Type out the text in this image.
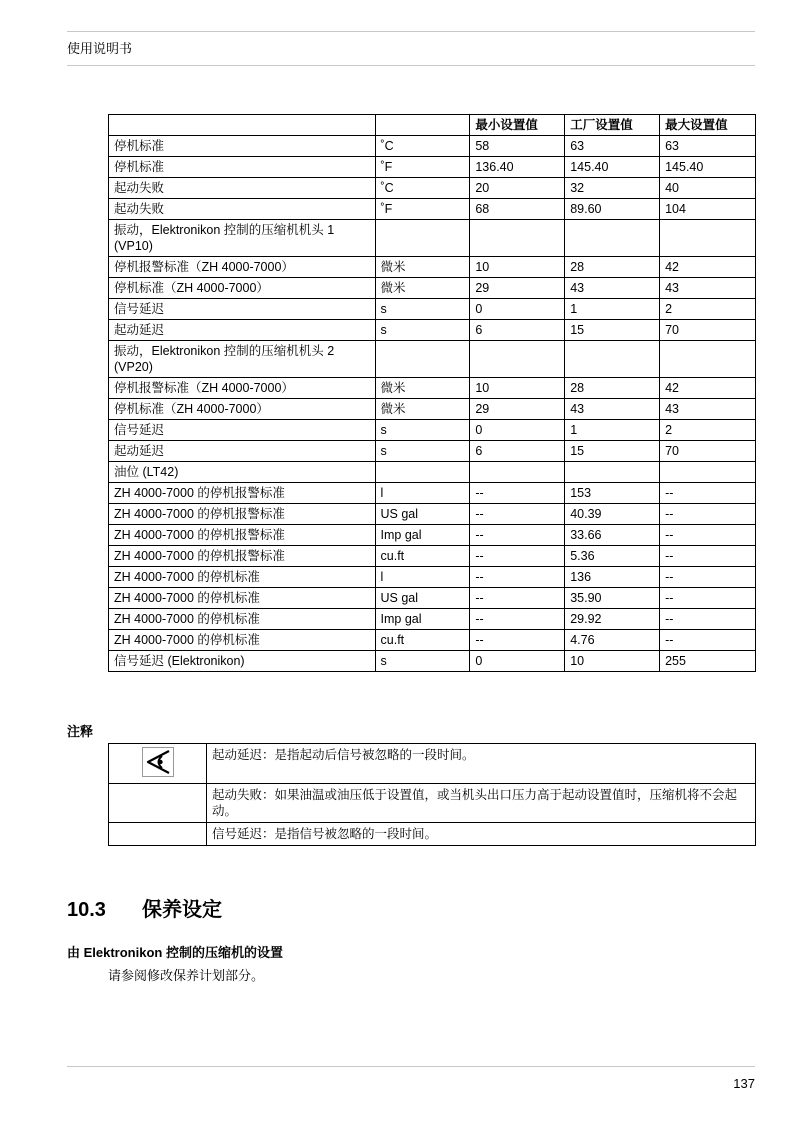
使用说明书
		最小设置值	工厂设置值	最大设置值
停机标准	˚C	58	63	63
停机标准	˚F	136.40	145.40	145.40
起动失败	˚C	20	32	40
起动失败	˚F	68	89.60	104
振动，Elektronikon 控制的压缩机机头 1 (VP10)				
停机报警标准（ZH 4000-7000）	微米	10	28	42
停机标准（ZH 4000-7000）	微米	29	43	43
信号延迟	s	0	1	2
起动延迟	s	6	15	70
振动，Elektronikon 控制的压缩机机头 2 (VP20)				
停机报警标准（ZH 4000-7000）	微米	10	28	42
停机标准（ZH 4000-7000）	微米	29	43	43
信号延迟	s	0	1	2
起动延迟	s	6	15	70
油位 (LT42)				
ZH 4000-7000 的停机报警标准	l	--	153	--
ZH 4000-7000 的停机报警标准	US gal	--	40.39	--
ZH 4000-7000 的停机报警标准	Imp gal	--	33.66	--
ZH 4000-7000 的停机报警标准	cu.ft	--	5.36	--
ZH 4000-7000 的停机标准	l	--	136	--
ZH 4000-7000 的停机标准	US gal	--	35.90	--
ZH 4000-7000 的停机标准	Imp gal	--	29.92	--
ZH 4000-7000 的停机标准	cu.ft	--	4.76	--
信号延迟 (Elektronikon)	s	0	10	255
注释
	起动延迟：是指起动后信号被忽略的一段时间。
	起动失败：如果油温或油压低于设置值，或当机头出口压力高于起动设置值时，压缩机将不会起动。
	信号延迟：是指信号被忽略的一段时间。
10.3 保养设定
由 Elektronikon 控制的压缩机的设置
请参阅修改保养计划部分。
137
